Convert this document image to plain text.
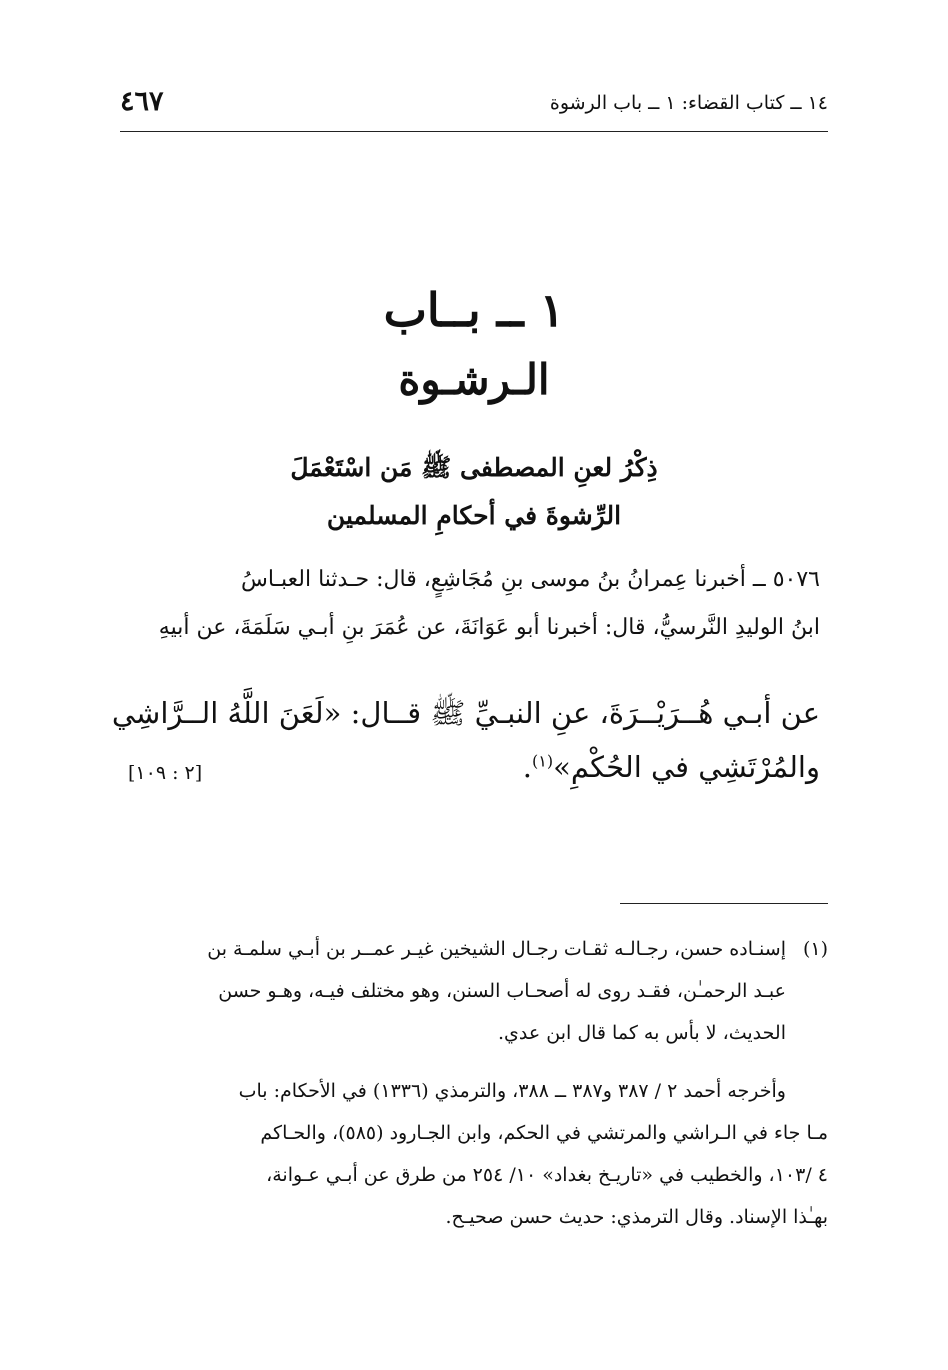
١٤ ــ كتاب القضاء: ١ ــ باب الرشوة
٤٦٧
١ ــ بــاب
الـرشـوة
ذِكْرُ لعنِ المصطفى ﷺ مَن اسْتَعْمَلَ
الرِّشوةَ في أحكامِ المسلمين
٥٠٧٦ ــ أخبرنا عِمرانُ بنُ موسى بنِ مُجَاشِعٍ، قال: حـدثنا العبـاسُ
ابنُ الوليدِ النَّرسيُّ، قال: أخبرنا أبو عَوَانَةَ، عن عُمَرَ بنِ أبـي سَلَمَةَ، عن أبيهِ
عن أبـي هُــرَيْــرَةَ، عنِ النبـيِّ ﷺ قــال: «لَعَنَ اللَّهُ الــرَّاشِي
والمُرْتَشِي في الحُكْمِ»$^{(١)}$.
[٢ : ١٠٩]
(١)
إسنـاده حسن، رجـالـه ثقـات رجـال الشيخين غيـر عمــر بن أبـي سلمـة بن
عبـد الرحمـٰن، فقـد روى له أصحـاب السنن، وهو مختلف فيـه، وهـو حسن
الحديث، لا بأس به كما قال ابن عدي.
وأخرجه أحمد ٢ / ٣٨٧ و٣٨٧ ــ ٣٨٨، والترمذي (١٣٣٦) في الأحكام: باب
مـا جاء في الـراشي والمرتشي في الحكم، وابن الجـارود (٥٨٥)، والحـاكم
٤ /١٠٣، والخطيب في «تاريـخ بغداد» ١٠/ ٢٥٤ من طرق عن أبـي عـوانة،
بهـٰذا الإسناد. وقال الترمذي: حديث حسن صحيـح.
